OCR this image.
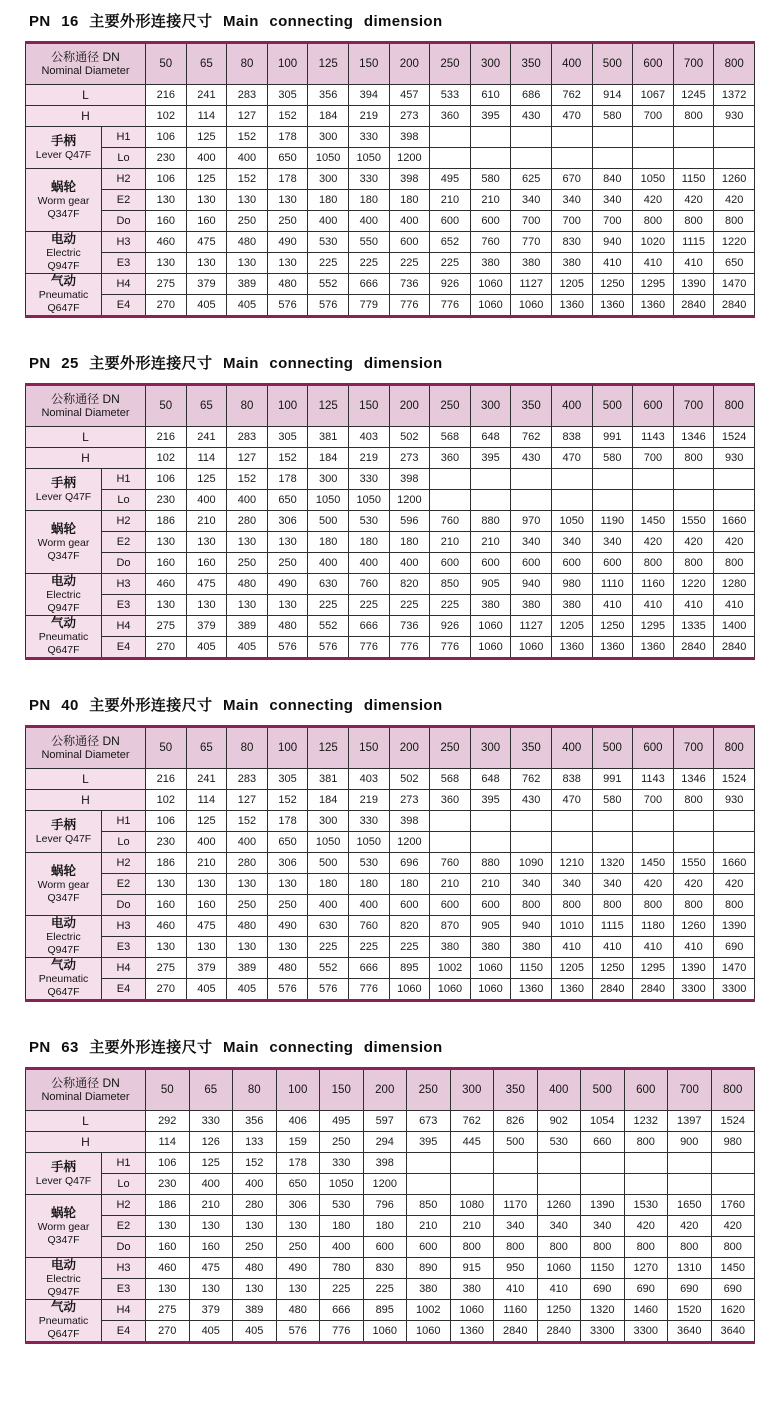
PN 16 主要外形连接尺寸 Main connecting dimension
公称通径 DN
Nominal Diameter		50	65	80	100	125	150	200	250	300	350	400	500	600	700	800
L		216	241	283	305	356	394	457	533	610	686	762	914	1067	1245	1372
H		102	114	127	152	184	219	273	360	395	430	470	580	700	800	930

手柄
Lever Q47F	H1	106	125	152	178	300	330	398								
	Lo	230	400	400	650	1050	1050	1200								

蜗轮
Worm gear
Q347F	H2	106	125	152	178	300	330	398	495	580	625	670	840	1050	1150	1260
	E2	130	130	130	130	180	180	180	210	210	340	340	340	420	420	420
	Do	160	160	250	250	400	400	400	600	600	700	700	700	800	800	800

电动
Electric
Q947F	H3	460	475	480	490	530	550	600	652	760	770	830	940	1020	1115	1220
	E3	130	130	130	130	225	225	225	225	380	380	380	410	410	410	650

气动
Pneumatic
Q647F	H4	275	379	389	480	552	666	736	926	1060	1127	1205	1250	1295	1390	1470
	E4	270	405	405	576	576	779	776	776	1060	1060	1360	1360	1360	2840	2840
PN 25 主要外形连接尺寸 Main connecting dimension
公称通径 DN
Nominal Diameter		50	65	80	100	125	150	200	250	300	350	400	500	600	700	800
L		216	241	283	305	381	403	502	568	648	762	838	991	1143	1346	1524
H		102	114	127	152	184	219	273	360	395	430	470	580	700	800	930

手柄
Lever Q47F	H1	106	125	152	178	300	330	398								
	Lo	230	400	400	650	1050	1050	1200								

蜗轮
Worm gear
Q347F	H2	186	210	280	306	500	530	596	760	880	970	1050	1190	1450	1550	1660
	E2	130	130	130	130	180	180	180	210	210	340	340	340	420	420	420
	Do	160	160	250	250	400	400	400	600	600	600	600	600	800	800	800

电动
Electric
Q947F	H3	460	475	480	490	630	760	820	850	905	940	980	1110	1160	1220	1280
	E3	130	130	130	130	225	225	225	225	380	380	380	410	410	410	410

气动
Pneumatic
Q647F	H4	275	379	389	480	552	666	736	926	1060	1127	1205	1250	1295	1335	1400
	E4	270	405	405	576	576	776	776	776	1060	1060	1360	1360	1360	2840	2840
PN 40 主要外形连接尺寸 Main connecting dimension
公称通径 DN
Nominal Diameter		50	65	80	100	125	150	200	250	300	350	400	500	600	700	800
L		216	241	283	305	381	403	502	568	648	762	838	991	1143	1346	1524
H		102	114	127	152	184	219	273	360	395	430	470	580	700	800	930

手柄
Lever Q47F	H1	106	125	152	178	300	330	398								
	Lo	230	400	400	650	1050	1050	1200								

蜗轮
Worm gear
Q347F	H2	186	210	280	306	500	530	696	760	880	1090	1210	1320	1450	1550	1660
	E2	130	130	130	130	180	180	180	210	210	340	340	340	420	420	420
	Do	160	160	250	250	400	400	600	600	600	800	800	800	800	800	800

电动
Electric
Q947F	H3	460	475	480	490	630	760	820	870	905	940	1010	1115	1180	1260	1390
	E3	130	130	130	130	225	225	225	380	380	380	410	410	410	410	690

气动
Pneumatic
Q647F	H4	275	379	389	480	552	666	895	1002	1060	1150	1205	1250	1295	1390	1470
	E4	270	405	405	576	576	776	1060	1060	1060	1360	1360	2840	2840	3300	3300
PN 63 主要外形连接尺寸 Main connecting dimension
公称通径 DN
Nominal Diameter		50	65	80	100	150	200	250	300	350	400	500	600	700	800
L		292	330	356	406	495	597	673	762	826	902	1054	1232	1397	1524
H		114	126	133	159	250	294	395	445	500	530	660	800	900	980

手柄
Lever Q47F	H1	106	125	152	178	330	398								
	Lo	230	400	400	650	1050	1200								

蜗轮
Worm gear
Q347F	H2	186	210	280	306	530	796	850	1080	1170	1260	1390	1530	1650	1760
	E2	130	130	130	130	180	180	210	210	340	340	340	420	420	420
	Do	160	160	250	250	400	600	600	800	800	800	800	800	800	800

电动
Electric
Q947F	H3	460	475	480	490	780	830	890	915	950	1060	1150	1270	1310	1450
	E3	130	130	130	130	225	225	380	380	410	410	690	690	690	690

气动
Pneumatic
Q647F	H4	275	379	389	480	666	895	1002	1060	1160	1250	1320	1460	1520	1620
	E4	270	405	405	576	776	1060	1060	1360	2840	2840	3300	3300	3640	3640
